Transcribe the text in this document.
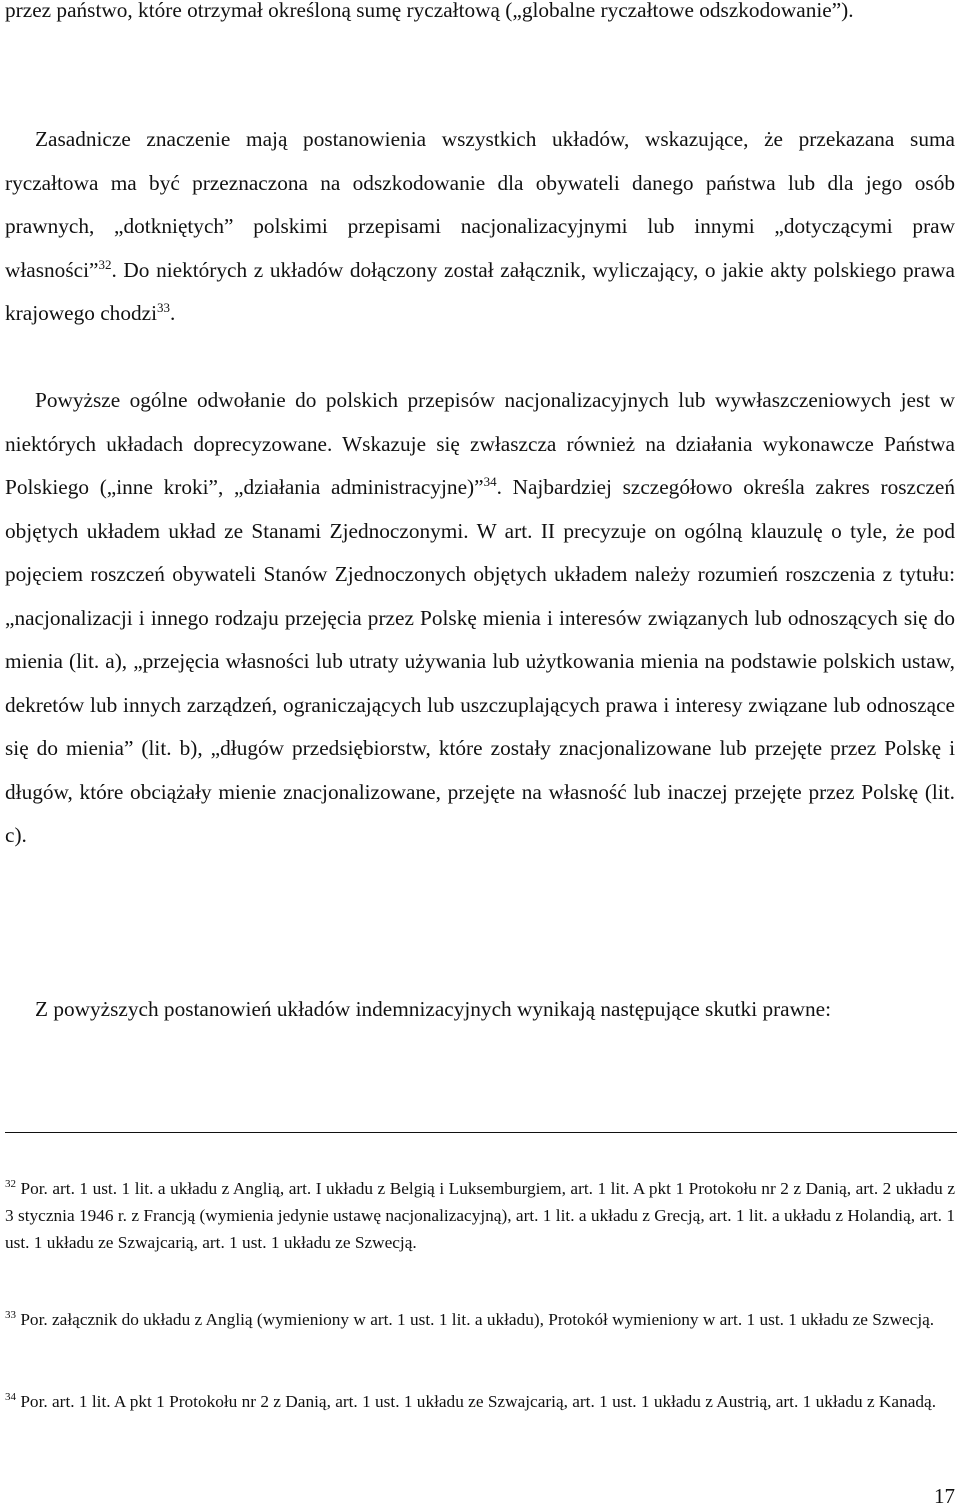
przez państwo, które otrzymał określoną sumę ryczałtową („globalne ryczałtowe odszkodowanie”).

Zasadnicze znaczenie mają postanowienia wszystkich układów, wskazujące, że przekazana suma ryczałtowa ma być przeznaczona na odszkodowanie dla obywateli danego państwa lub dla jego osób prawnych, „dotkniętych” polskimi przepisami nacjonalizacyjnymi lub innymi „dotyczącymi praw własności”$^{32}$. Do niektórych z układów dołączony został załącznik, wyliczający, o jakie akty polskiego prawa krajowego chodzi$^{33}$.

Powyższe ogólne odwołanie do polskich przepisów nacjonalizacyjnych lub wywłaszczeniowych jest w niektórych układach doprecyzowane. Wskazuje się zwłaszcza również na działania wykonawcze Państwa Polskiego („inne kroki”, „działania administracyjne)”$^{34}$. Najbardziej szczegółowo określa zakres roszczeń objętych układem układ ze Stanami Zjednoczonymi. W art. II precyzuje on ogólną klauzulę o tyle, że pod pojęciem roszczeń obywateli Stanów Zjednoczonych objętych układem należy rozumień roszczenia z tytułu: „nacjonalizacji i innego rodzaju przejęcia przez Polskę mienia i interesów związanych lub odnoszących się do mienia (lit. a), „przejęcia własności lub utraty używania lub użytkowania mienia na podstawie polskich ustaw, dekretów lub innych zarządzeń, ograniczających lub uszczuplających prawa i interesy związane lub odnoszące się do mienia” (lit. b), „długów przedsiębiorstw, które zostały znacjonalizowane lub przejęte przez Polskę i długów, które obciążały mienie znacjonalizowane, przejęte na własność lub inaczej przejęte przez Polskę (lit. c).

Z powyższych postanowień układów indemnizacyjnych wynikają następujące skutki prawne:

$^{32}$ Por. art. 1 ust. 1 lit. a układu z Anglią, art. I układu z Belgią i Luksemburgiem, art. 1 lit. A pkt 1 Protokołu nr 2 z Danią, art. 2 układu z 3 stycznia 1946 r. z Francją (wymienia jedynie ustawę nacjonalizacyjną), art. 1 lit. a układu z Grecją, art. 1 lit. a układu z Holandią, art. 1 ust. 1 układu ze Szwajcarią, art. 1 ust. 1 układu ze Szwecją.

$^{33}$ Por. załącznik do układu z Anglią (wymieniony w art. 1 ust. 1 lit. a układu), Protokół wymieniony w art. 1 ust. 1 układu ze Szwecją.

$^{34}$ Por. art. 1 lit. A pkt 1 Protokołu nr 2 z Danią, art. 1 ust. 1 układu ze Szwajcarią, art. 1 ust. 1 układu z Austrią, art. 1 układu z Kanadą.

17
